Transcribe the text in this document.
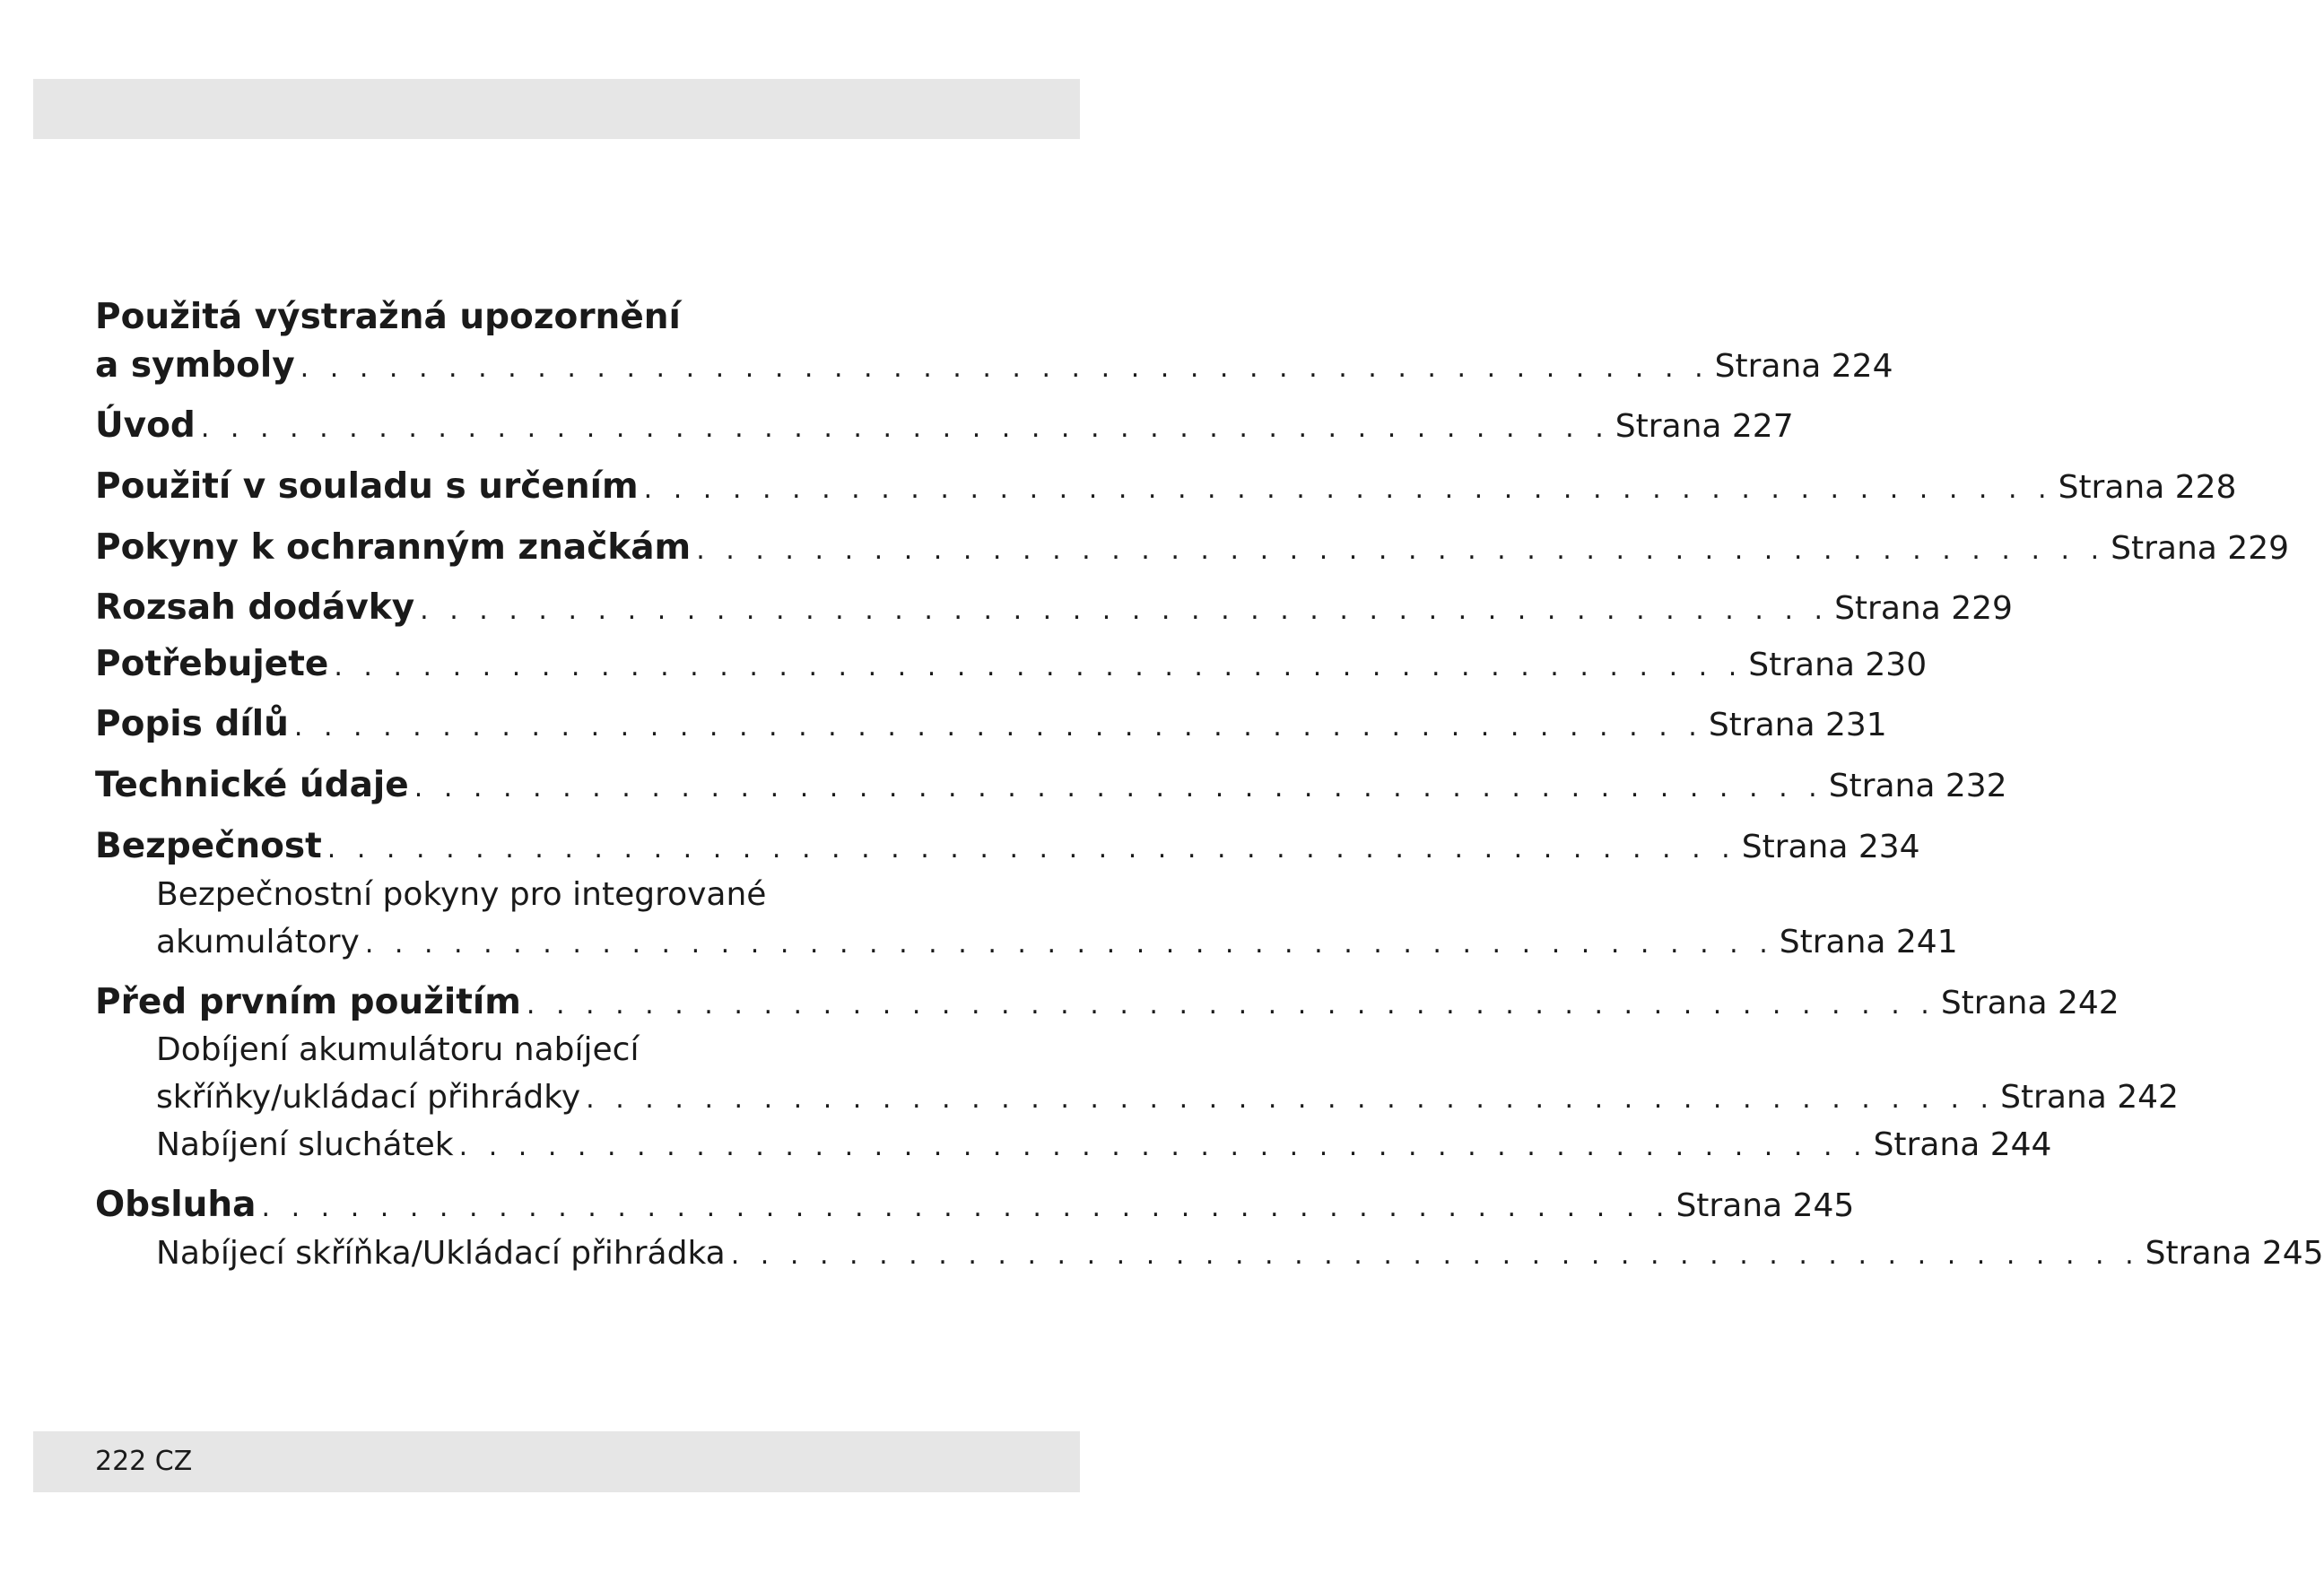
Použitá výstražná upozornění
a symboly . . . . . . . . . . . . . . . . . . . . . . . . . . . . . . . . . . . . . . . . . . . . . . . . Strana 224
Úvod . . . . . . . . . . . . . . . . . . . . . . . . . . . . . . . . . . . . . . . . . . . . . . . . Strana 227
Použití v souladu s určením . . . . . . . . . . . . . . . . . . . . . . . . . . . . . . . . . . . . . . . . . . . . . . . . Strana 228
Pokyny k ochranným značkám . . . . . . . . . . . . . . . . . . . . . . . . . . . . . . . . . . . . . . . . . . . . . . . . Strana 229
Rozsah dodávky . . . . . . . . . . . . . . . . . . . . . . . . . . . . . . . . . . . . . . . . . . . . . . . . Strana 229
Potřebujete . . . . . . . . . . . . . . . . . . . . . . . . . . . . . . . . . . . . . . . . . . . . . . . . Strana 230
Popis dílů . . . . . . . . . . . . . . . . . . . . . . . . . . . . . . . . . . . . . . . . . . . . . . . . Strana 231
Technické údaje . . . . . . . . . . . . . . . . . . . . . . . . . . . . . . . . . . . . . . . . . . . . . . . . Strana 232
Bezpečnost . . . . . . . . . . . . . . . . . . . . . . . . . . . . . . . . . . . . . . . . . . . . . . . . Strana 234
Bezpečnostní pokyny pro integrované
akumulátory . . . . . . . . . . . . . . . . . . . . . . . . . . . . . . . . . . . . . . . . . . . . . . . . Strana 241
Před prvním použitím . . . . . . . . . . . . . . . . . . . . . . . . . . . . . . . . . . . . . . . . . . . . . . . . Strana 242
Dobíjení akumulátoru nabíjecí
skříňky/ukládací přihrádky . . . . . . . . . . . . . . . . . . . . . . . . . . . . . . . . . . . . . . . . . . . . . . . . Strana 242
Nabíjení sluchátek . . . . . . . . . . . . . . . . . . . . . . . . . . . . . . . . . . . . . . . . . . . . . . . . Strana 244
Obsluha . . . . . . . . . . . . . . . . . . . . . . . . . . . . . . . . . . . . . . . . . . . . . . . . Strana 245
Nabíjecí skříňka/Ukládací přihrádka . . . . . . . . . . . . . . . . . . . . . . . . . . . . . . . . . . . . . . . . . . . . . . . . Strana 245
222 CZ
